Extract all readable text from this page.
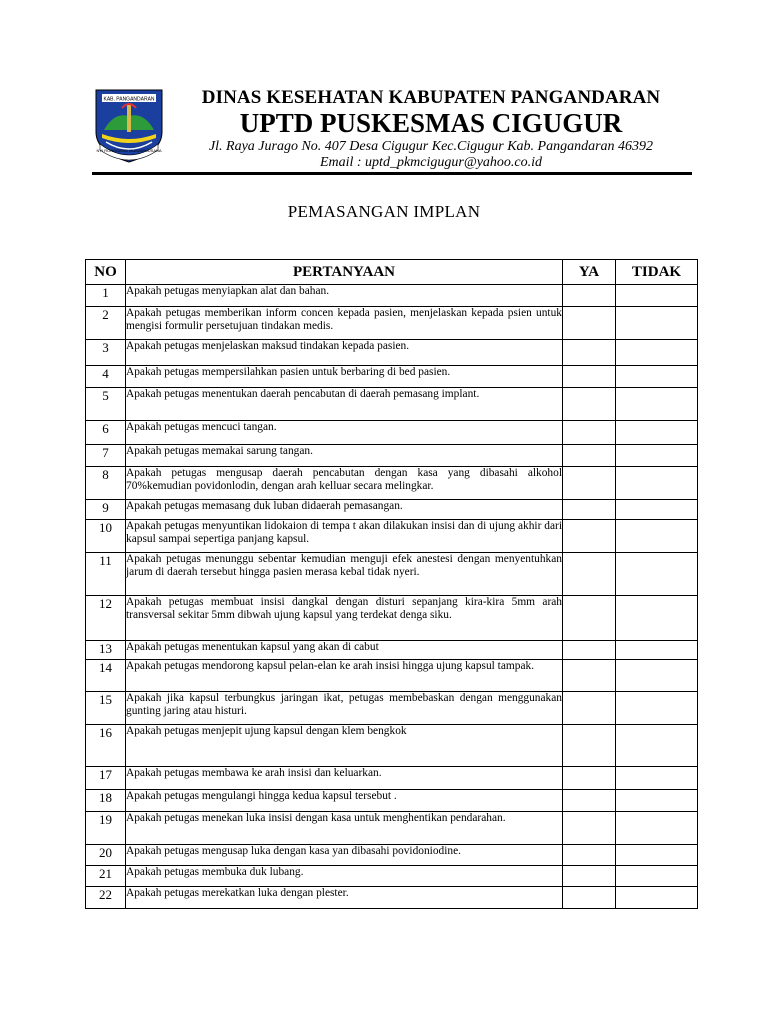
KAB. PANGANDARAN
NYI RONGGENG MUKAKIMUSANA
DINAS KESEHATAN KABUPATEN PANGANDARAN
UPTD PUSKESMAS CIGUGUR
Jl. Raya Jurago No. 407 Desa Cigugur Kec.Cigugur Kab. Pangandaran 46392
Email : uptd_pkmcigugur@yahoo.co.id
PEMASANGAN IMPLAN
NO	PERTANYAAN	YA	TIDAK
1	Apakah petugas menyiapkan alat dan bahan.		
2	Apakah petugas memberikan inform concen kepada pasien, menjelaskan kepada psien untuk mengisi formulir persetujuan tindakan medis.		
3	Apakah petugas menjelaskan maksud tindakan kepada pasien.		
4	Apakah petugas mempersilahkan pasien untuk berbaring di bed pasien.		
5	Apakah petugas menentukan daerah pencabutan di daerah pemasang implant.		
6	Apakah petugas mencuci tangan.		
7	Apakah petugas memakai sarung tangan.		
8	Apakah petugas mengusap daerah pencabutan dengan kasa yang dibasahi alkohol 70%kemudian povidonlodin, dengan arah kelluar secara melingkar.		
9	Apakah petugas memasang duk luban didaerah pemasangan.		
10	Apakah petugas menyuntikan lidokaion di tempa t akan dilakukan insisi dan di ujung akhir dari kapsul sampai sepertiga panjang kapsul.		
11	Apakah petugas menunggu sebentar kemudian menguji efek anestesi dengan menyentuhkan jarum di daerah tersebut hingga pasien merasa kebal tidak nyeri.		
12	Apakah petugas membuat insisi dangkal dengan disturi sepanjang kira-kira 5mm arah transversal sekitar 5mm dibwah ujung kapsul yang terdekat denga siku.		
13	Apakah petugas menentukan kapsul yang akan di cabut		
14	Apakah petugas mendorong kapsul pelan-elan ke arah insisi hingga ujung kapsul tampak.		
15	Apakah jika kapsul terbungkus jaringan ikat, petugas membebaskan dengan menggunakan gunting jaring atau histuri.		
16	Apakah petugas menjepit ujung kapsul dengan klem bengkok		
17	Apakah petugas membawa ke arah insisi dan keluarkan.		
18	Apakah petugas mengulangi hingga kedua kapsul tersebut .		
19	Apakah petugas menekan luka insisi dengan kasa untuk menghentikan pendarahan.		
20	Apakah petugas mengusap luka dengan kasa yan dibasahi povidoniodine.		
21	Apakah petugas membuka duk lubang.		
22	Apakah petugas merekatkan luka dengan plester.		
